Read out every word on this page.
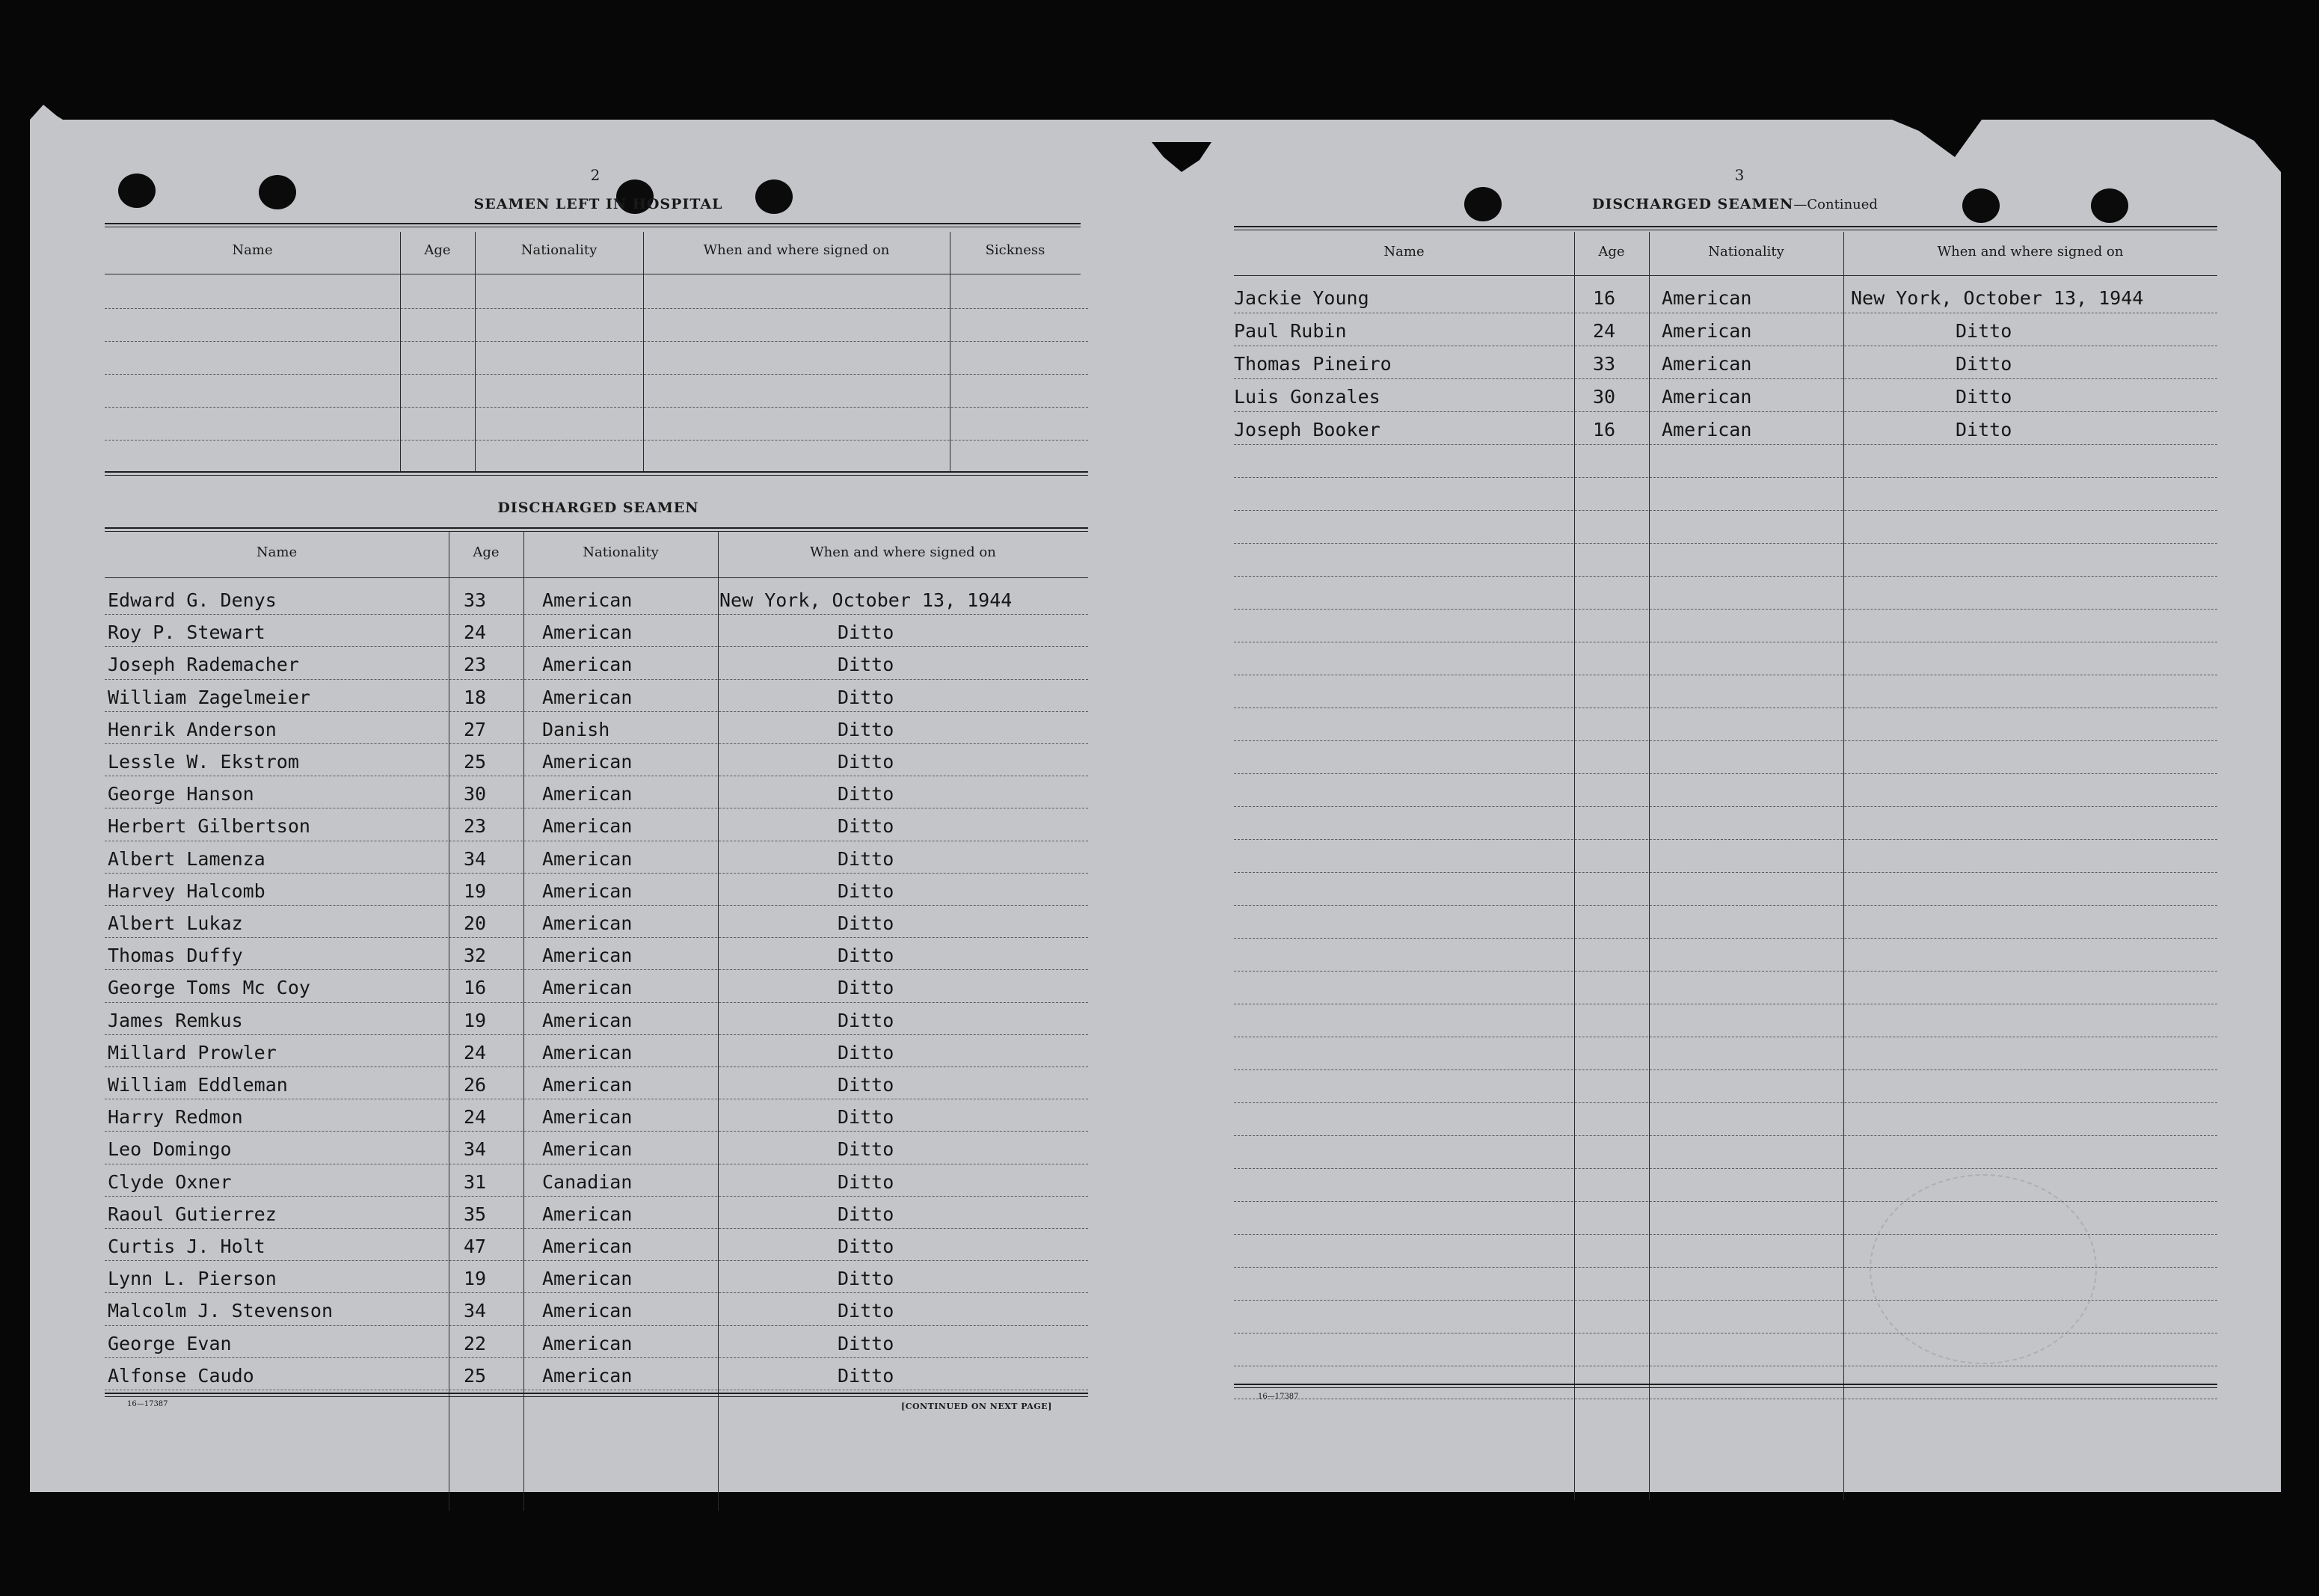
2
SEAMEN LEFT IN HOSPITAL
Name	Age	Nationality	When and where signed on	Sickness
DISCHARGED SEAMEN
Name	Age	Nationality	When and where signed on
Edward G. Denys	33	American	New York, October 13, 1944
Roy P. Stewart	24	American	Ditto
Joseph Rademacher	23	American	Ditto
William Zagelmeier	18	American	Ditto
Henrik Anderson	27	Danish	Ditto
Lessle W. Ekstrom	25	American	Ditto
George Hanson	30	American	Ditto
Herbert Gilbertson	23	American	Ditto
Albert Lamenza	34	American	Ditto
Harvey Halcomb	19	American	Ditto
Albert Lukaz	20	American	Ditto
Thomas Duffy	32	American	Ditto
George Toms Mc Coy	16	American	Ditto
James Remkus	19	American	Ditto
Millard Prowler	24	American	Ditto
William Eddleman	26	American	Ditto
Harry Redmon	24	American	Ditto
Leo Domingo	34	American	Ditto
Clyde Oxner	31	Canadian	Ditto
Raoul Gutierrez	35	American	Ditto
Curtis J. Holt	47	American	Ditto
Lynn L. Pierson	19	American	Ditto
Malcolm J. Stevenson	34	American	Ditto
George Evan	22	American	Ditto
Alfonse Caudo	25	American	Ditto
16—17387	[CONTINUED ON NEXT PAGE]
3
DISCHARGED SEAMEN—Continued
Name	Age	Nationality	When and where signed on
Jackie Young	16 American	New York, October 13, 1944
Paul Rubin	24 American	Ditto
Thomas Pineiro	33 American	Ditto
Luis Gonzales	30 American	Ditto
Joseph Booker	16 American	Ditto
16—17387
